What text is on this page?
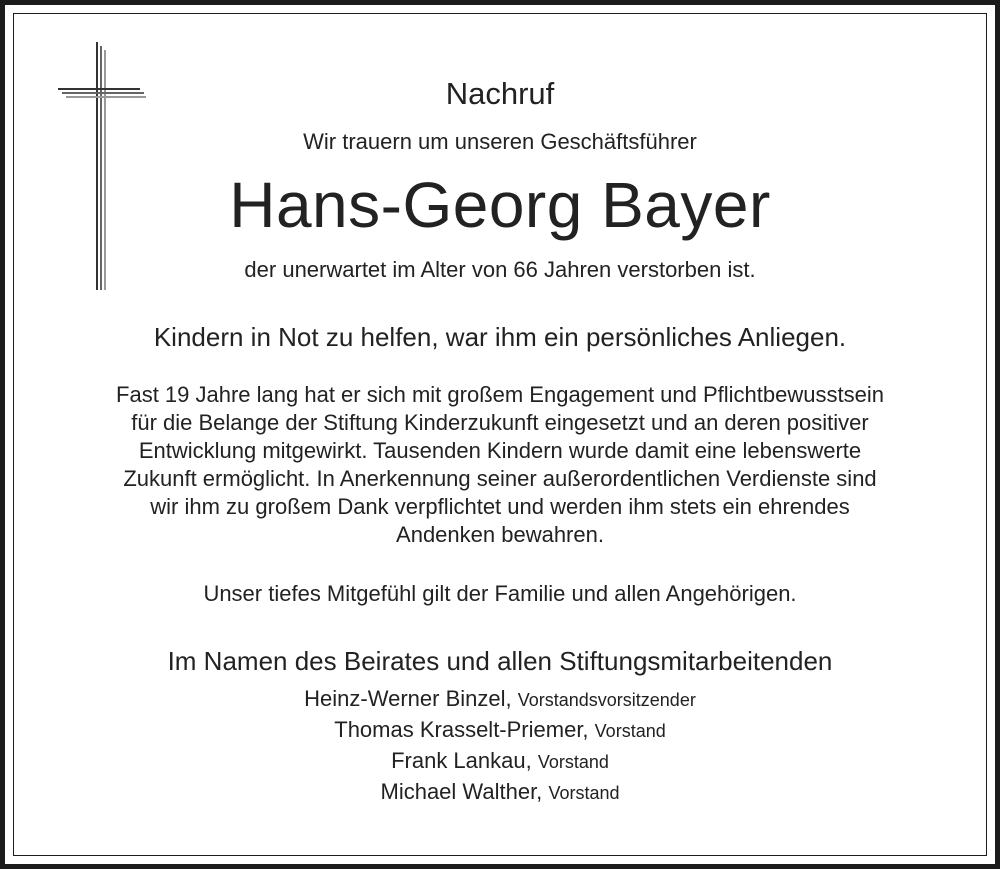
Nachruf
Wir trauern um unseren Geschäftsführer
Hans-Georg Bayer
der unerwartet im Alter von 66 Jahren verstorben ist.
Kindern in Not zu helfen, war ihm ein persönliches Anliegen.
Fast 19 Jahre lang hat er sich mit großem Engagement und Pflichtbewusstsein
für die Belange der Stiftung Kinderzukunft eingesetzt und an deren positiver
Entwicklung mitgewirkt. Tausenden Kindern wurde damit eine lebenswerte
Zukunft ermöglicht. In Anerkennung seiner außerordentlichen Verdienste sind
wir ihm zu großem Dank verpflichtet und werden ihm stets ein ehrendes
Andenken bewahren.
Unser tiefes Mitgefühl gilt der Familie und allen Angehörigen.
Im Namen des Beirates und allen Stiftungsmitarbeitenden
Heinz-Werner Binzel, Vorstandsvorsitzender
Thomas Krasselt-Priemer, Vorstand
Frank Lankau, Vorstand
Michael Walther, Vorstand
